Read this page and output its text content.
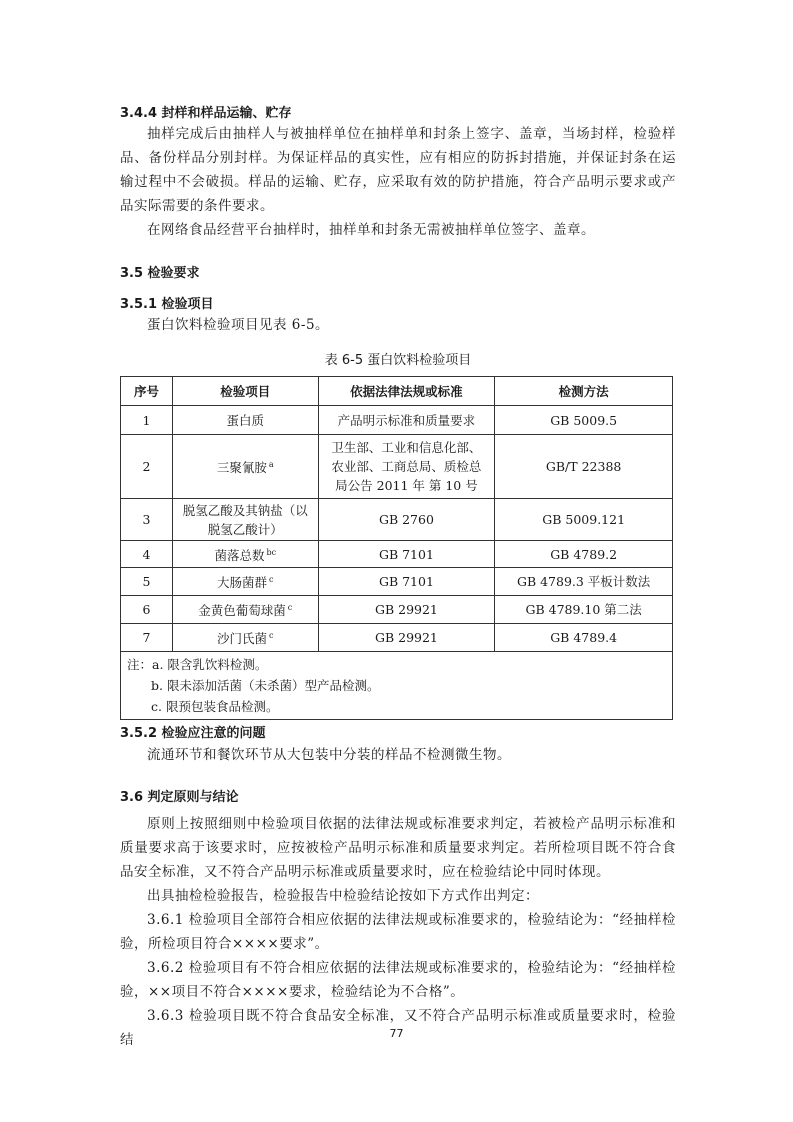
3.4.4 封样和样品运输、贮存
抽样完成后由抽样人与被抽样单位在抽样单和封条上签字、盖章，当场封样，检验样品、备份样品分别封样。为保证样品的真实性，应有相应的防拆封措施，并保证封条在运输过程中不会破损。样品的运输、贮存，应采取有效的防护措施，符合产品明示要求或产品实际需要的条件要求。
在网络食品经营平台抽样时，抽样单和封条无需被抽样单位签字、盖章。
3.5 检验要求
3.5.1 检验项目
蛋白饮料检验项目见表 6-5。
表 6-5 蛋白饮料检验项目
序号	检验项目	依据法律法规或标准	检测方法
1	蛋白质	产品明示标准和质量要求	GB 5009.5
2	三聚氰胺 $^a$	卫生部、工业和信息化部、
农业部、工商总局、质检总
局公告 2011 年 第 10 号	GB/T 22388
3	脱氢乙酸及其钠盐（以脱氢乙酸计）	GB 2760	GB 5009.121
4	菌落总数 $^{bc}$	GB 7101	GB 4789.2
5	大肠菌群 $^c$	GB 7101	GB 4789.3 平板计数法
6	金黄色葡萄球菌 $^c$	GB 29921	GB 4789.10 第二法
7	沙门氏菌 $^c$	GB 29921	GB 4789.4

注：a. 限含乳饮料检测。
b. 限未添加活菌（未杀菌）型产品检测。
c. 限预包装食品检测。			
3.5.2 检验应注意的问题
流通环节和餐饮环节从大包装中分装的样品不检测微生物。
3.6 判定原则与结论
原则上按照细则中检验项目依据的法律法规或标准要求判定，若被检产品明示标准和质量要求高于该要求时，应按被检产品明示标准和质量要求判定。若所检项目既不符合食品安全标准，又不符合产品明示标准或质量要求时，应在检验结论中同时体现。
出具抽检检验报告，检验报告中检验结论按如下方式作出判定：
3.6.1 检验项目全部符合相应依据的法律法规或标准要求的，检验结论为：“经抽样检验，所检项目符合××××要求”。
3.6.2 检验项目有不符合相应依据的法律法规或标准要求的，检验结论为：“经抽样检验，××项目不符合××××要求，检验结论为不合格”。
3.6.3 检验项目既不符合食品安全标准，又不符合产品明示标准或质量要求时，检验结	77
